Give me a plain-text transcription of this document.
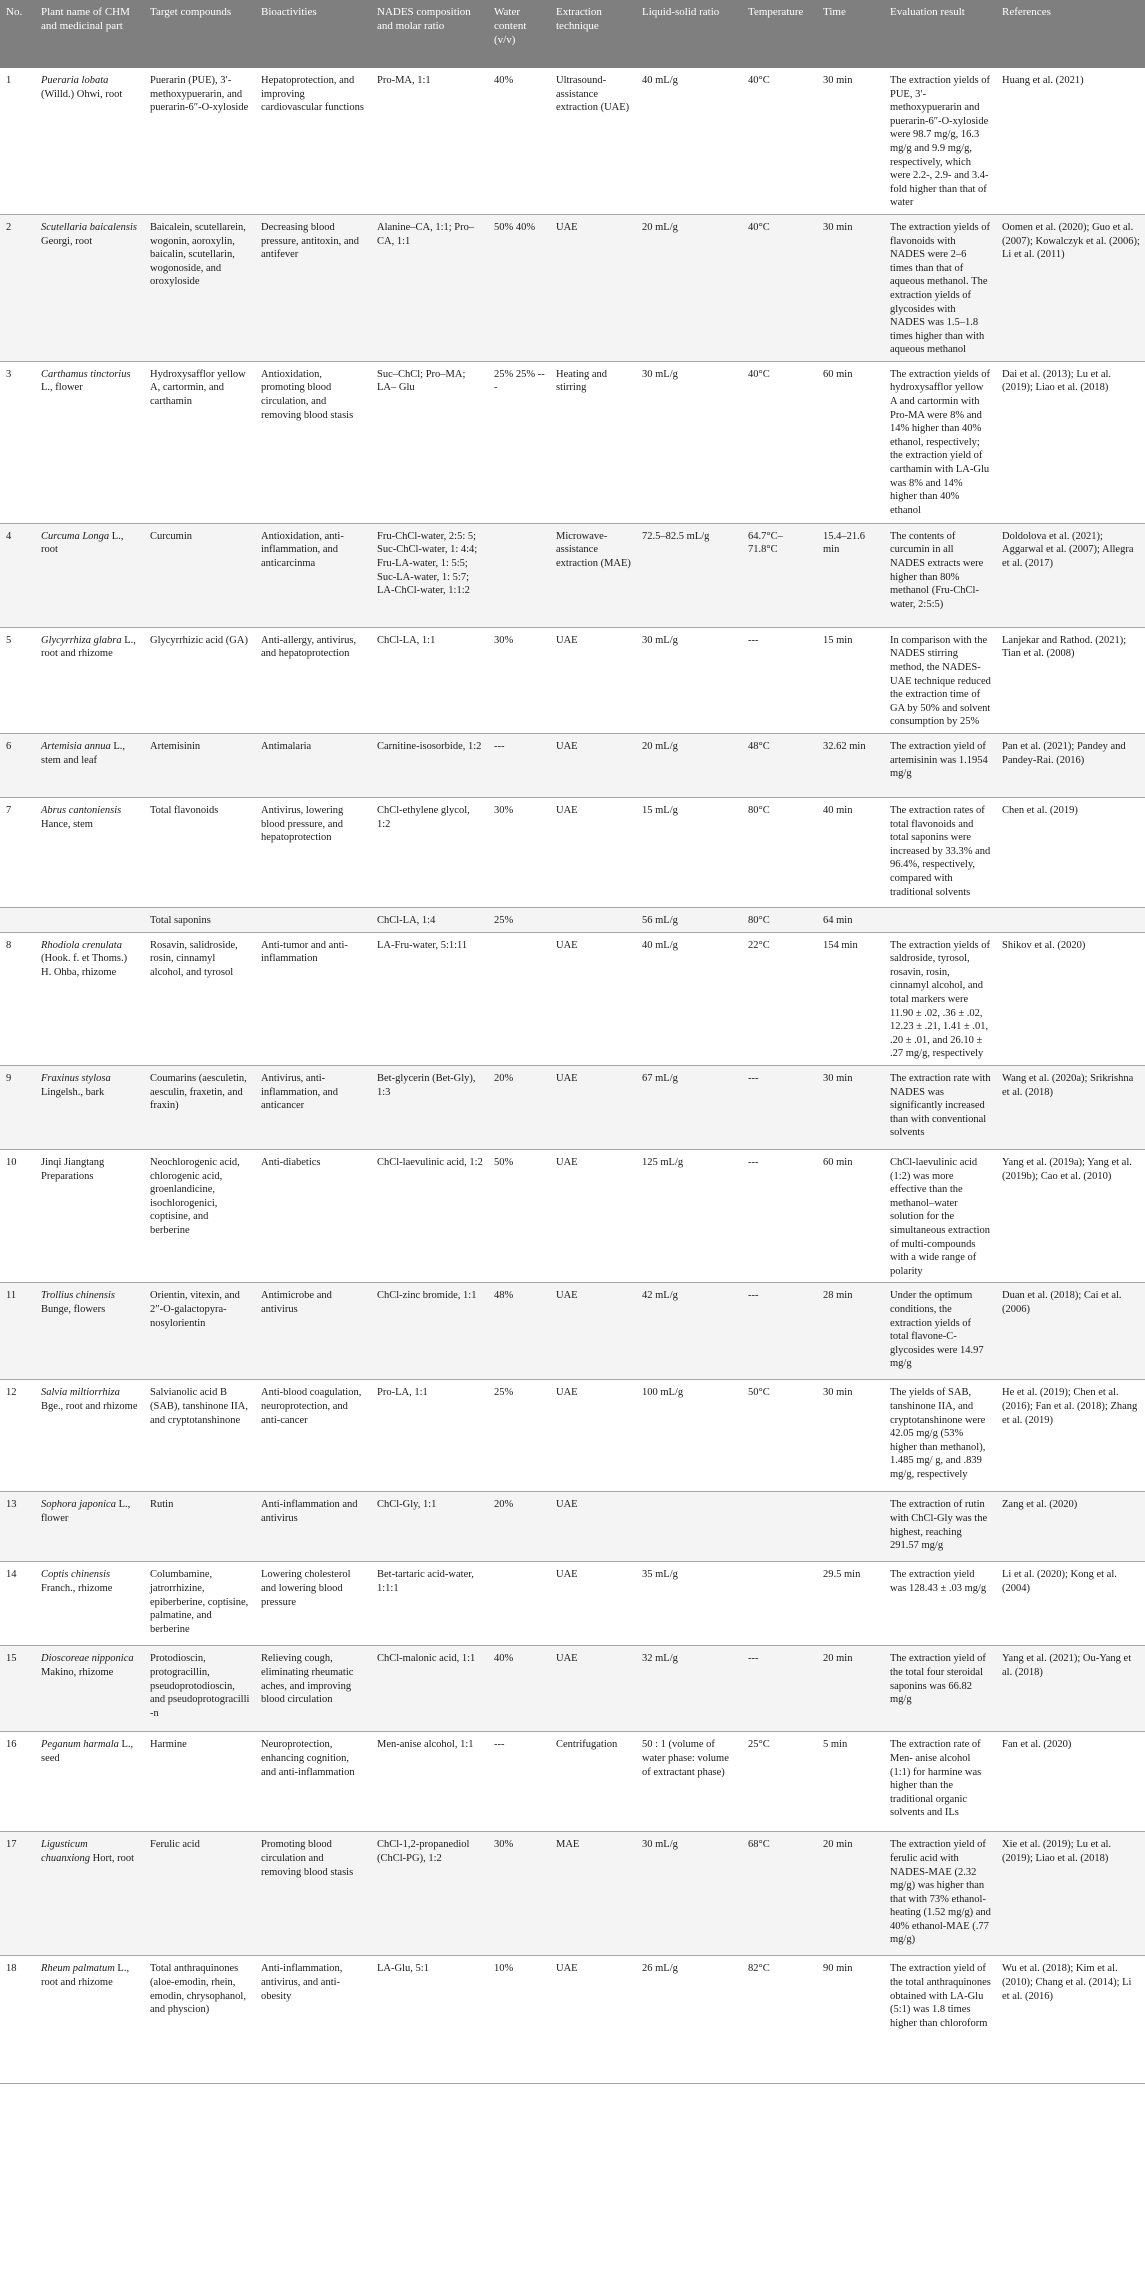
No.	Plant name of CHM and medicinal part	Target compounds	Bioactivities	NADES composition and molar ratio	Water content (v/v)	Extraction technique	Liquid-solid ratio	Temperature	Time	Evaluation result	References
1	Pueraria lobata (Willd.) Ohwi, root	Puerarin (PUE), 3′-methoxypuerarin, and puerarin-6″-O-xyloside	Hepatoprotection, and improving cardiovascular functions	Pro-MA, 1:1	40%	Ultrasound-assistance extraction (UAE)	40 mL/g	40°C	30 min	The extraction yields of PUE, 3′-methoxypuerarin and puerarin-6″-O-xyloside were 98.7 mg/g, 16.3 mg/g and 9.9 mg/g, respectively, which were 2.2-, 2.9- and 3.4-fold higher than that of water	Huang et al. (2021)
2	Scutellaria baicalensis Georgi, root	Baicalein, scutellarein, wogonin, aoroxylin, baicalin, scutellarin, wogonoside, and oroxyloside	Decreasing blood pressure, antitoxin, and antifever	Alanine–CA, 1:1; Pro–CA, 1:1	50% 40%	UAE	20 mL/g	40°C	30 min	The extraction yields of flavonoids with NADES were 2–6 times than that of aqueous methanol. The extraction yields of glycosides with NADES was 1.5–1.8 times higher than with aqueous methanol	Oomen et al. (2020); Guo et al. (2007); Kowalczyk et al. (2006); Li et al. (2011)
3	Carthamus tinctorius L., flower	Hydroxysafflor yellow A, cartormin, and carthamin	Antioxidation, promoting blood circulation, and removing blood stasis	Suc–ChCl; Pro–MA; LA– Glu	25% 25% ---	Heating and stirring	30 mL/g	40°C	60 min	The extraction yields of hydroxysafflor yellow A and cartormin with Pro-MA were 8% and 14% higher than 40% ethanol, respectively; the extraction yield of carthamin with LA-Glu was 8% and 14% higher than 40% ethanol	Dai et al. (2013); Lu et al. (2019); Liao et al. (2018)
4	Curcuma Longa L., root	Curcumin	Antioxidation, anti-inflammation, and anticarcinma	Fru-ChCl-water, 2:5: 5; Suc-ChCl-water, 1: 4:4; Fru-LA-water, 1: 5:5; Suc-LA-water, 1: 5:7; LA-ChCl-water, 1:1:2		Microwave-assistance extraction (MAE)	72.5–82.5 mL/g	64.7°C–71.8°C	15.4–21.6 min	The contents of curcumin in all NADES extracts were higher than 80% methanol (Fru-ChCl-water, 2:5:5)	Doldolova et al. (2021); Aggarwal et al. (2007); Allegra et al. (2017)
5	Glycyrrhiza glabra L., root and rhizome	Glycyrrhizic acid (GA)	Anti-allergy, antivirus, and hepatoprotection	ChCl-LA, 1:1	30%	UAE	30 mL/g	---	15 min	In comparison with the NADES stirring method, the NADES-UAE technique reduced the extraction time of GA by 50% and solvent consumption by 25%	Lanjekar and Rathod. (2021); Tian et al. (2008)
6	Artemisia annua L., stem and leaf	Artemisinin	Antimalaria	Carnitine-isosorbide, 1:2	---	UAE	20 mL/g	48°C	32.62 min	The extraction yield of artemisinin was 1.1954 mg/g	Pan et al. (2021); Pandey and Pandey-Rai. (2016)
7	Abrus cantoniensis Hance, stem	Total flavonoids	Antivirus, lowering blood pressure, and hepatoprotection	ChCl-ethylene glycol, 1:2	30%	UAE	15 mL/g	80°C	40 min	The extraction rates of total flavonoids and total saponins were increased by 33.3% and 96.4%, respectively, compared with traditional solvents	Chen et al. (2019)
		Total saponins		ChCl-LA, 1:4	25%		56 mL/g	80°C	64 min		
8	Rhodiola crenulata (Hook. f. et Thoms.) H. Ohba, rhizome	Rosavin, salidroside, rosin, cinnamyl alcohol, and tyrosol	Anti-tumor and anti-inflammation	LA-Fru-water, 5:1:11		UAE	40 mL/g	22°C	154 min	The extraction yields of saldroside, tyrosol, rosavin, rosin, cinnamyl alcohol, and total markers were 11.90 ± .02, .36 ± .02, 12.23 ± .21, 1.41 ± .01, .20 ± .01, and 26.10 ± .27 mg/g, respectively	Shikov et al. (2020)
9	Fraxinus stylosa Lingelsh., bark	Coumarins (aesculetin, aesculin, fraxetin, and fraxin)	Antivirus, anti-inflammation, and anticancer	Bet-glycerin (Bet-Gly), 1:3	20%	UAE	67 mL/g	---	30 min	The extraction rate with NADES was significantly increased than with conventional solvents	Wang et al. (2020a); Srikrishna et al. (2018)
10	Jinqi Jiangtang Preparations	Neochlorogenic acid, chlorogenic acid, groenlandicine, isochlorogenici, coptisine, and berberine	Anti-diabetics	ChCl-laevulinic acid, 1:2	50%	UAE	125 mL/g	---	60 min	ChCl-laevulinic acid (1:2) was more effective than the methanol–water solution for the simultaneous extraction of multi-compounds with a wide range of polarity	Yang et al. (2019a); Yang et al. (2019b); Cao et al. (2010)
11	Trollius chinensis Bunge, flowers	Orientin, vitexin, and 2″-O-galactopyra-nosylorientin	Antimicrobe and antivirus	ChCl-zinc bromide, 1:1	48%	UAE	42 mL/g	---	28 min	Under the optimum conditions, the extraction yields of total flavone-C-glycosides were 14.97 mg/g	Duan et al. (2018); Cai et al. (2006)
12	Salvia miltiorrhiza Bge., root and rhizome	Salvianolic acid B (SAB), tanshinone IIA, and cryptotanshinone	Anti-blood coagulation, neuroprotection, and anti-cancer	Pro-LA, 1:1	25%	UAE	100 mL/g	50°C	30 min	The yields of SAB, tanshinone IIA, and cryptotanshinone were 42.05 mg/g (53% higher than methanol), 1.485 mg/ g, and .839 mg/g, respectively	He et al. (2019); Chen et al. (2016); Fan et al. (2018); Zhang et al. (2019)
13	Sophora japonica L., flower	Rutin	Anti-inflammation and antivirus	ChCl-Gly, 1:1	20%	UAE				The extraction of rutin with ChCl-Gly was the highest, reaching 291.57 mg/g	Zang et al. (2020)
14	Coptis chinensis Franch., rhizome	Columbamine, jatrorrhizine, epiberberine, coptisine, palmatine, and berberine	Lowering cholesterol and lowering blood pressure	Bet-tartaric acid-water, 1:1:1		UAE	35 mL/g		29.5 min	The extraction yield was 128.43 ± .03 mg/g	Li et al. (2020); Kong et al. (2004)
15	Dioscoreae nipponica Makino, rhizome	Protodioscin, protogracillin, pseudoprotodioscin, and pseudoprotogracilli -n	Relieving cough, eliminating rheumatic aches, and improving blood circulation	ChCl-malonic acid, 1:1	40%	UAE	32 mL/g	---	20 min	The extraction yield of the total four steroidal saponins was 66.82 mg/g	Yang et al. (2021); Ou-Yang et al. (2018)
16	Peganum harmala L., seed	Harmine	Neuroprotection, enhancing cognition, and anti-inflammation	Men-anise alcohol, 1:1	---	Centrifugation	50 : 1 (volume of water phase: volume of extractant phase)	25°C	5 min	The extraction rate of Men- anise alcohol (1:1) for harmine was higher than the traditional organic solvents and ILs	Fan et al. (2020)
17	Ligusticum chuanxiong Hort, root	Ferulic acid	Promoting blood circulation and removing blood stasis	ChCl-1,2-propanediol (ChCl-PG), 1:2	30%	MAE	30 mL/g	68°C	20 min	The extraction yield of ferulic acid with NADES-MAE (2.32 mg/g) was higher than that with 73% ethanol-heating (1.52 mg/g) and 40% ethanol-MAE (.77 mg/g)	Xie et al. (2019); Lu et al. (2019); Liao et al. (2018)
18	Rheum palmatum L., root and rhizome	Total anthraquinones (aloe-emodin, rhein, emodin, chrysophanol, and physcion)	Anti-inflammation, antivirus, and anti-obesity	LA-Glu, 5:1	10%	UAE	26 mL/g	82°C	90 min	The extraction yield of the total anthraquinones obtained with LA-Glu (5:1) was 1.8 times higher than chloroform	Wu et al. (2018); Kim et al. (2010); Chang et al. (2014); Li et al. (2016)
